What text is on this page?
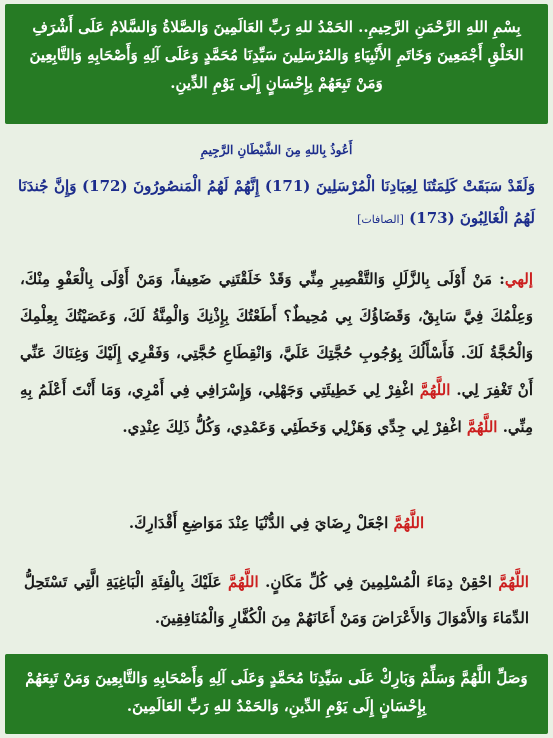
بِسْمِ اللهِ الرَّحْمَنِ الرَّحِيمِ.. الحَمْدُ للهِ رَبِّ العَالَمِينَ وَالصَّلاةُ وَالسَّلامُ عَلَى أَشْرَفِ الخَلْقِ أَجْمَعِينَ وَخَاتَمِ الأَنْبِيَاءِ وَالمُرْسَلِينَ سَيِّدِنَا مُحَمَّدٍ وَعَلَى آلِهِ وَأَصْحَابِهِ وَالتَّابِعِينَ وَمَنْ تَبِعَهُمْ بِإِحْسَانٍ إِلَى يَوْمِ الدِّينِ.
أَعُوذُ بِاللهِ مِنَ الشَّيْطَانِ الرَّجِيمِ
وَلَقَدْ سَبَقَتْ كَلِمَتُنَا لِعِبَادِنَا الْمُرْسَلِينَ (171) إِنَّهُمْ لَهُمُ الْمَنصُورُونَ (172) وَإِنَّ جُندَنَا لَهُمُ الْغَالِبُونَ (173) [الصافات]
إلهي: مَنْ أَوْلَى بِالزَّلَلِ وَالتَّقْصِيرِ مِنِّي وَقَدْ خَلَقْتَنِي ضَعِيفاً، وَمَنْ أَوْلَى بِالْعَفْوِ مِنْكَ، وَعِلْمُكَ فِيَّ سَابِقٌ، وَقَضَاؤُكَ بِي مُحِيطٌ؟ أَطَعْتُكَ بِإِذْنِكَ وَالْمِنَّةُ لَكَ، وَعَصَيْتُكَ بِعِلْمِكَ وَالْحُجَّةُ لَكَ. فَأَسْأَلُكَ بِوُجُوبِ حُجَّتِكَ عَلَيَّ، وَانْقِطَاعِ حُجَّتِي، وَفَقْرِي إِلَيْكَ وَغِنَاكَ عَنِّي أَنْ تَغْفِرَ لِي. اللَّهُمَّ اغْفِرْ لِي خَطِيئَتِي وَجَهْلِي، وَإِسْرَافِي فِي أَمْرِي، وَمَا أَنْتَ أَعْلَمُ بِهِ مِنِّي. اللَّهُمَّ اغْفِرْ لِي جِدِّي وَهَزْلِي وَخَطَئِي وَعَمْدِي، وَكُلُّ ذَلِكَ عِنْدِي.
اللَّهُمَّ اجْعَلْ رِضَايَ فِي الدُّنْيَا عِنْدَ مَوَاضِعِ أَقْدَارِكَ.
اللَّهُمَّ احْقِنْ دِمَاءَ الْمُسْلِمِينَ فِي كُلِّ مَكَانٍ. اللَّهُمَّ عَلَيْكَ بِالْفِئَةِ الْبَاغِيَةِ الَّتِي تَسْتَحِلُّ الدِّمَاءَ وَالأَمْوَالَ وَالأَعْرَاضَ وَمَنْ أَعَانَهُمْ مِنَ الْكُفَّارِ وَالْمُنَافِقِينَ.
وَصَلِّ اللَّهُمَّ وَسَلِّمْ وَبَارِكْ عَلَى سَيِّدِنَا مُحَمَّدٍ وَعَلَى آلِهِ وَأَصْحَابِهِ وَالتَّابِعِينَ وَمَنْ تَبِعَهُمْ بِإِحْسَانٍ إِلَى يَوْمِ الدِّينِ، وَالحَمْدُ للهِ رَبِّ العَالَمِينَ.
